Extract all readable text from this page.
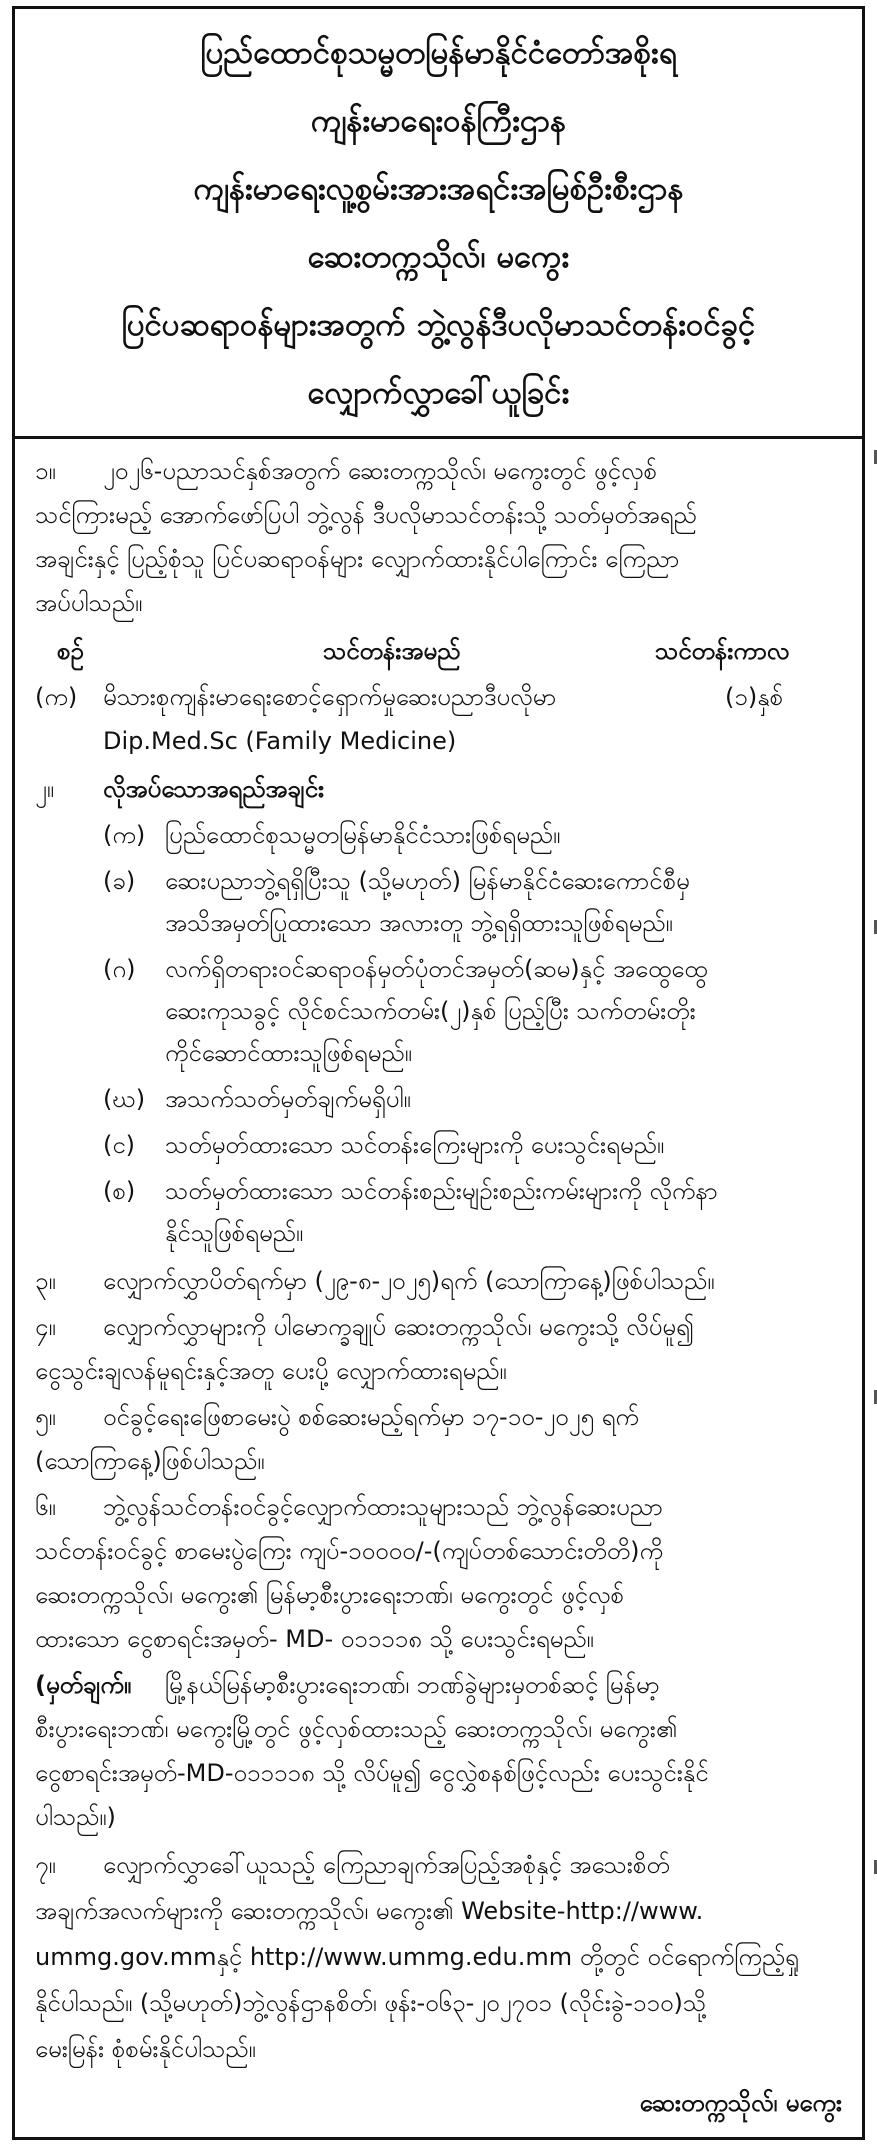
ပြည်ထောင်စုသမ္မတမြန်မာနိုင်ငံတော်အစိုးရ
ကျန်းမာရေးဝန်ကြီးဌာန
ကျန်းမာရေးလူ့စွမ်းအားအရင်းအမြစ်ဦးစီးဌာန
ဆေးတက္ကသိုလ်၊ မကွေး
ပြင်ပဆရာဝန်များအတွက် ဘွဲ့လွန်ဒီပလိုမာသင်တန်းဝင်ခွင့်
လျှောက်လွှာခေါ်ယူခြင်း
၁။ ၂၀၂၆-ပညာသင်နှစ်အတွက် ဆေးတက္ကသိုလ်၊ မကွေးတွင် ဖွင့်လှစ်
သင်ကြားမည့် အောက်ဖော်ပြပါ ဘွဲ့လွန် ဒီပလိုမာသင်တန်းသို့ သတ်မှတ်အရည်
အချင်းနှင့် ပြည့်စုံသူ ပြင်ပဆရာဝန်များ လျှောက်ထားနိုင်ပါကြောင်း ကြေညာ
အပ်ပါသည်။
စဉ်	သင်တန်းအမည်	သင်တန်းကာလ
(က) မိသားစုကျန်းမာရေးစောင့်ရှောက်မှုဆေးပညာဒီပလိုမာ	(၁)နှစ်
Dip.Med.Sc (Family Medicine)
၂။ လိုအပ်သောအရည်အချင်း
(က) ပြည်ထောင်စုသမ္မတမြန်မာနိုင်ငံသားဖြစ်ရမည်။
(ခ) ဆေးပညာဘွဲ့ရရှိပြီးသူ (သို့မဟုတ်) မြန်မာနိုင်ငံဆေးကောင်စီမှ
အသိအမှတ်ပြုထားသော အလားတူ ဘွဲ့ရရှိထားသူဖြစ်ရမည်။
(ဂ) လက်ရှိတရားဝင်ဆရာဝန်မှတ်ပုံတင်အမှတ်(ဆမ)နှင့် အထွေထွေ
ဆေးကုသခွင့် လိုင်စင်သက်တမ်း(၂)နှစ် ပြည့်ပြီး သက်တမ်းတိုး
ကိုင်ဆောင်ထားသူဖြစ်ရမည်။
(ဃ) အသက်သတ်မှတ်ချက်မရှိပါ။
(င) သတ်မှတ်ထားသော သင်တန်းကြေးများကို ပေးသွင်းရမည်။
(စ) သတ်မှတ်ထားသော သင်တန်းစည်းမျဉ်းစည်းကမ်းများကို လိုက်နာ
နိုင်သူဖြစ်ရမည်။
၃။ လျှောက်လွှာပိတ်ရက်မှာ (၂၉-၈-၂၀၂၅)ရက် (သောကြာနေ့)ဖြစ်ပါသည်။
၄။ လျှောက်လွှာများကို ပါမောက္ခချုပ် ဆေးတက္ကသိုလ်၊ မကွေးသို့ လိပ်မူ၍
ငွေသွင်းချလန်မူရင်းနှင့်အတူ ပေးပို့ လျှောက်ထားရမည်။
၅။ ဝင်ခွင့်ရေးဖြေစာမေးပွဲ စစ်ဆေးမည့်ရက်မှာ ၁၇-၁၀-၂၀၂၅ ရက်
(သောကြာနေ့)ဖြစ်ပါသည်။
၆။ ဘွဲ့လွန်သင်တန်းဝင်ခွင့်လျှောက်ထားသူများသည် ဘွဲ့လွန်ဆေးပညာ
သင်တန်းဝင်ခွင့် စာမေးပွဲကြေး ကျပ်-၁၀၀၀၀/-(ကျပ်တစ်သောင်းတိတိ)ကို
ဆေးတက္ကသိုလ်၊ မကွေး၏ မြန်မာ့စီးပွားရေးဘဏ်၊ မကွေးတွင် ဖွင့်လှစ်
ထားသော ငွေစာရင်းအမှတ်- MD- ၀၁၁၁၁၈ သို့ ပေးသွင်းရမည်။
(မှတ်ချက်။ မြို့နယ်မြန်မာ့စီးပွားရေးဘဏ်၊ ဘဏ်ခွဲများမှတစ်ဆင့် မြန်မာ့
စီးပွားရေးဘဏ်၊ မကွေးမြို့တွင် ဖွင့်လှစ်ထားသည့် ဆေးတက္ကသိုလ်၊ မကွေး၏
ငွေစာရင်းအမှတ်-MD-၀၁၁၁၁၈ သို့ လိပ်မူ၍ ငွေလွှဲစနစ်ဖြင့်လည်း ပေးသွင်းနိုင်
ပါသည်။)
၇။ လျှောက်လွှာခေါ်ယူသည့် ကြေညာချက်အပြည့်အစုံနှင့် အသေးစိတ်
အချက်အလက်များကို ဆေးတက္ကသိုလ်၊ မကွေး၏ Website-http://www.
ummg.gov.mmနှင့် http://www.ummg.edu.mm တို့တွင် ဝင်ရောက်ကြည့်ရှု
နိုင်ပါသည်။ (သို့မဟုတ်)ဘွဲ့လွန်ဌာနစိတ်၊ ဖုန်း-၀၆၃-၂၀၂၇၀၁ (လိုင်းခွဲ-၁၁၀)သို့
မေးမြန်း စုံစမ်းနိုင်ပါသည်။
ဆေးတက္ကသိုလ်၊ မကွေး
